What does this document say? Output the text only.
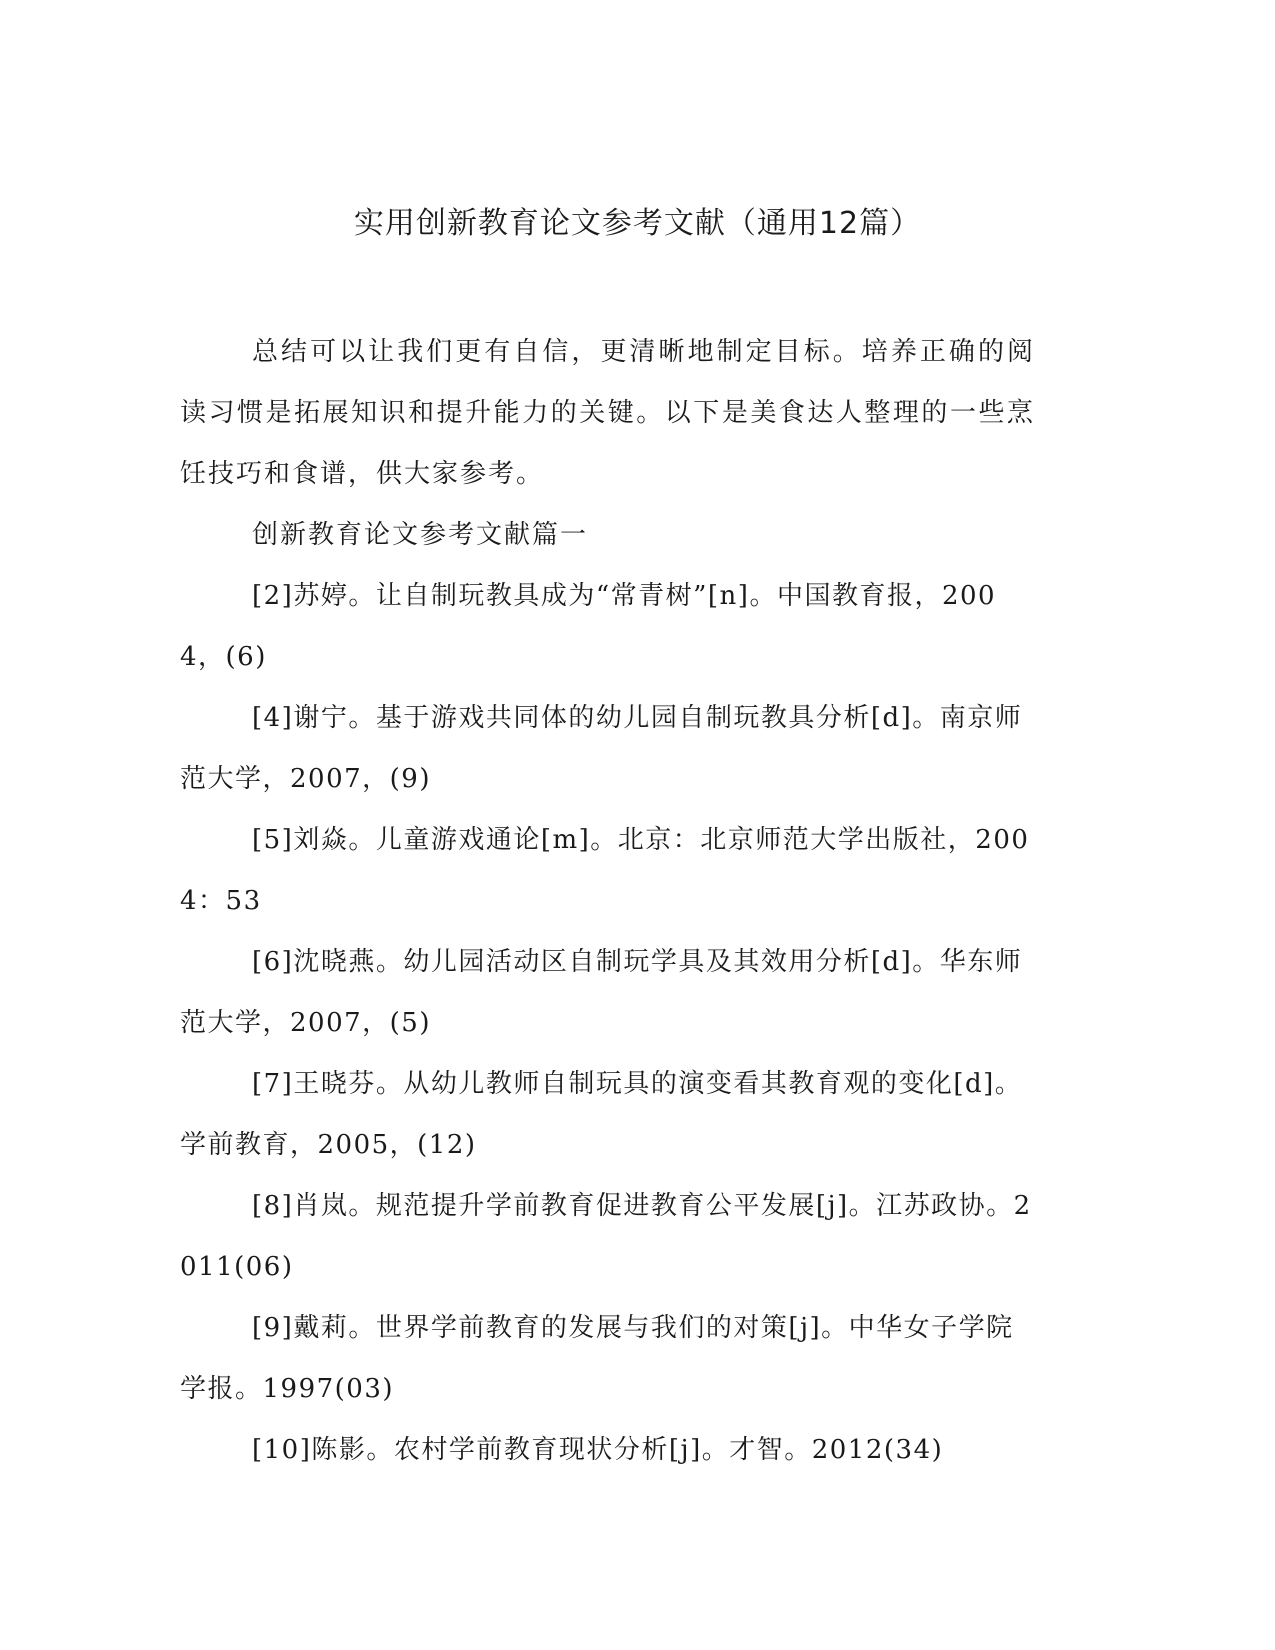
实用创新教育论文参考文献（通用12篇）

总结可以让我们更有自信，更清晰地制定目标。培养正确的阅读习惯是拓展知识和提升能力的关键。以下是美食达人整理的一些烹饪技巧和食谱，供大家参考。

创新教育论文参考文献篇一

[2]苏婷。让自制玩教具成为“常青树”[n]。中国教育报，2004，(6)

[4]谢宁。基于游戏共同体的幼儿园自制玩教具分析[d]。南京师范大学，2007，(9)

[5]刘焱。儿童游戏通论[m]。北京：北京师范大学出版社，2004：53

[6]沈晓燕。幼儿园活动区自制玩学具及其效用分析[d]。华东师范大学，2007，(5)

[7]王晓芬。从幼儿教师自制玩具的演变看其教育观的变化[d]。学前教育，2005，(12)

[8]肖岚。规范提升学前教育促进教育公平发展[j]。江苏政协。2011(06)

[9]戴莉。世界学前教育的发展与我们的对策[j]。中华女子学院学报。1997(03)

[10]陈影。农村学前教育现状分析[j]。才智。2012(34)
